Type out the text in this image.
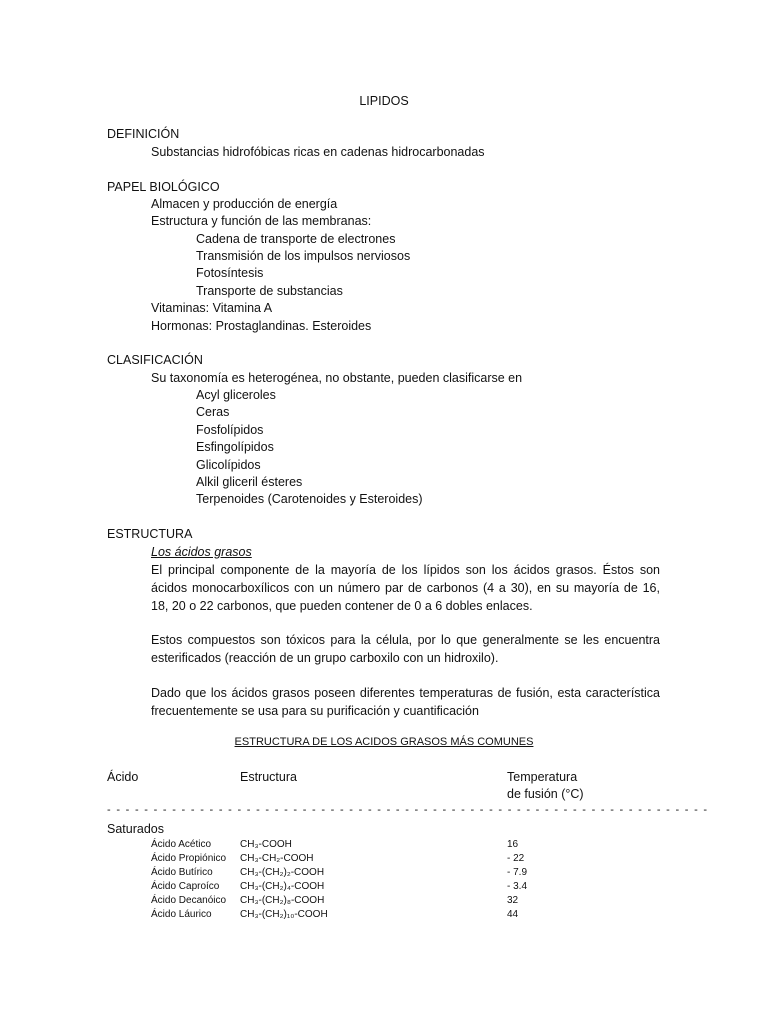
LIPIDOS
DEFINICIÓN
Substancias hidrofóbicas ricas en cadenas hidrocarbonadas
PAPEL BIOLÓGICO
Almacen y producción de energía
Estructura y función de las membranas:
Cadena de transporte de electrones
Transmisión de los impulsos nerviosos
Fotosíntesis
Transporte de substancias
Vitaminas: Vitamina A
Hormonas: Prostaglandinas. Esteroides
CLASIFICACIÓN
Su taxonomía es heterogénea, no obstante, pueden clasificarse en
Acyl gliceroles
Ceras
Fosfolípidos
Esfingolípidos
Glicolípidos
Alkil gliceril ésteres
Terpenoides (Carotenoides y Esteroides)
ESTRUCTURA
Los ácidos grasos
El principal componente de la mayoría de los lípidos son los ácidos grasos. Éstos son ácidos monocarboxílicos con un número par de carbonos (4 a 30), en su mayoría de 16, 18, 20 o 22 carbonos, que pueden contener de 0 a 6 dobles enlaces.
Estos compuestos son tóxicos para la célula, por lo que generalmente se les encuentra esterificados (reacción de un grupo carboxilo con un hidroxilo).
Dado que los ácidos grasos poseen diferentes temperaturas de fusión, esta característica frecuentemente se usa para su purificación y cuantificación
ESTRUCTURA DE LOS ACIDOS GRASOS MÁS COMUNES
Ácido	Estructura	Temperatura
de fusión (°C)
- - - - - - - - - - - - - - - - - - - - - - - - - - - - - - - - - - - - - - - - - - - - - - - - - - - - - - - - - - - - - - - - -
Saturados
Ácido Acético	CH₃-COOH	16
Ácido Propiónico CH₃-CH₂-COOH	- 22
Ácido Butírico	CH₃-(CH₂)₂-COOH	- 7.9
Ácido Caproíco CH₃-(CH₂)₄-COOH	- 3.4
Ácido Decanóico CH₃-(CH₂)₈-COOH	32
Ácido Láurico	CH₃-(CH₂)₁₀-COOH	44
